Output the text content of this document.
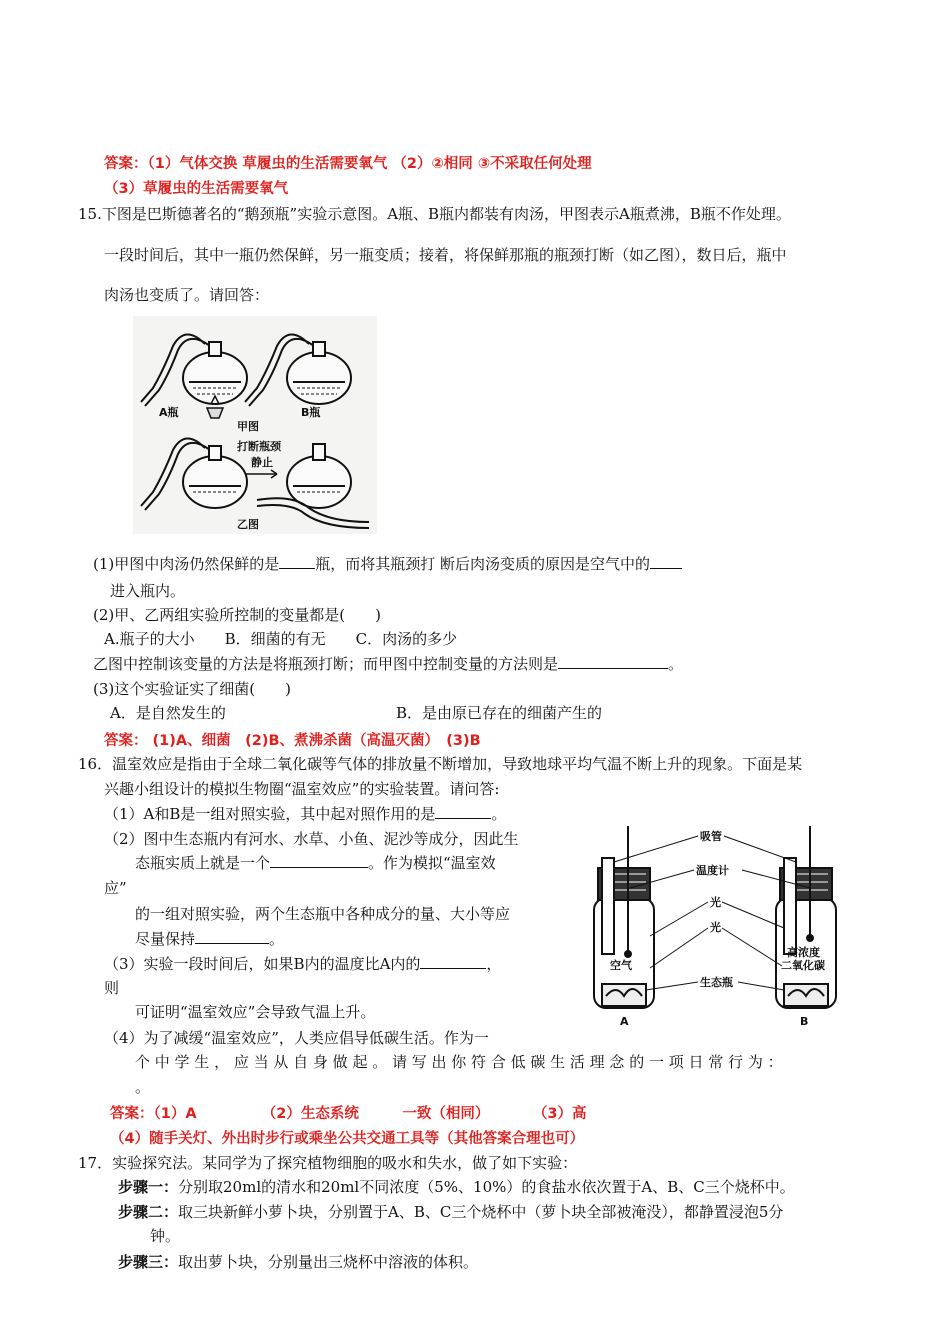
答案：（1）气体交换 草履虫的生活需要氧气 （2）②相同 ③不采取任何处理
（3）草履虫的生活需要氧气
15.下图是巴斯德著名的“鹅颈瓶”实验示意图。A瓶、B瓶内都装有肉汤，甲图表示A瓶煮沸，B瓶不作处理。
一段时间后，其中一瓶仍然保鲜，另一瓶变质；接着，将保鲜那瓶的瓶颈打断（如乙图），数日后，瓶中
肉汤也变质了。请回答：
A瓶	B瓶
甲图
打断瓶颈
静止
乙图
(1)甲图中肉汤仍然保鲜的是 瓶，而将其瓶颈打 断后肉汤变质的原因是空气中的
进入瓶内。
(2)甲、乙两组实验所控制的变量都是(　　)
A.瓶子的大小　　B．细菌的有无　　C．肉汤的多少
乙图中控制该变量的方法是将瓶颈打断；而甲图中控制变量的方法则是	。
(3)这个实验证实了细菌(　　)
A．是自然发生的	B．是由原已存在的细菌产生的
答案： (1)A、细菌　(2)B、煮沸杀菌（高温灭菌）　(3)B
16．温室效应是指由于全球二氧化碳等气体的排放量不断增加，导致地球平均气温不断上升的现象。下面是某
兴趣小组设计的模拟生物圈“温室效应”的实验装置。请问答:
（1）A和B是一组对照实验，其中起对照作用的是	。
（2）图中生态瓶内有河水、水草、小鱼、泥沙等成分，因此生
态瓶实质上就是一个	。作为模拟“温室效
应”
的一组对照实验，两个生态瓶中各种成分的量、大小等应
尽量保持	。
（3）实验一段时间后，如果B内的温度比A内的	，
则
可证明“温室效应”会导致气温上升。
（4）为了减缓“温室效应”，人类应倡导低碳生活。作为一
个 中 学 生 ， 应 当 从 自 身 做 起 。 请 写 出 你 符 合 低 碳 生 活 理 念 的 一 项 日 常 行 为 ：
。
空气
A
高浓度
二氧化碳
B
吸管
温度计
光
光
生态瓶
答案：（1）A　　　　　（2）生态系统　　　一致（相同）　　　　（3）高
（4）随手关灯、外出时步行或乘坐公共交通工具等（其他答案合理也可）
17．实验探究法。某同学为了探究植物细胞的吸水和失水，做了如下实验：
步骤一：分别取20ml的清水和20ml不同浓度（5%、10%）的食盐水依次置于A、B、C三个烧杯中。
步骤二：取三块新鲜小萝卜块，分别置于A、B、C三个烧杯中（萝卜块全部被淹没），都静置浸泡5分
钟。
步骤三：取出萝卜块，分别量出三烧杯中溶液的体积。
